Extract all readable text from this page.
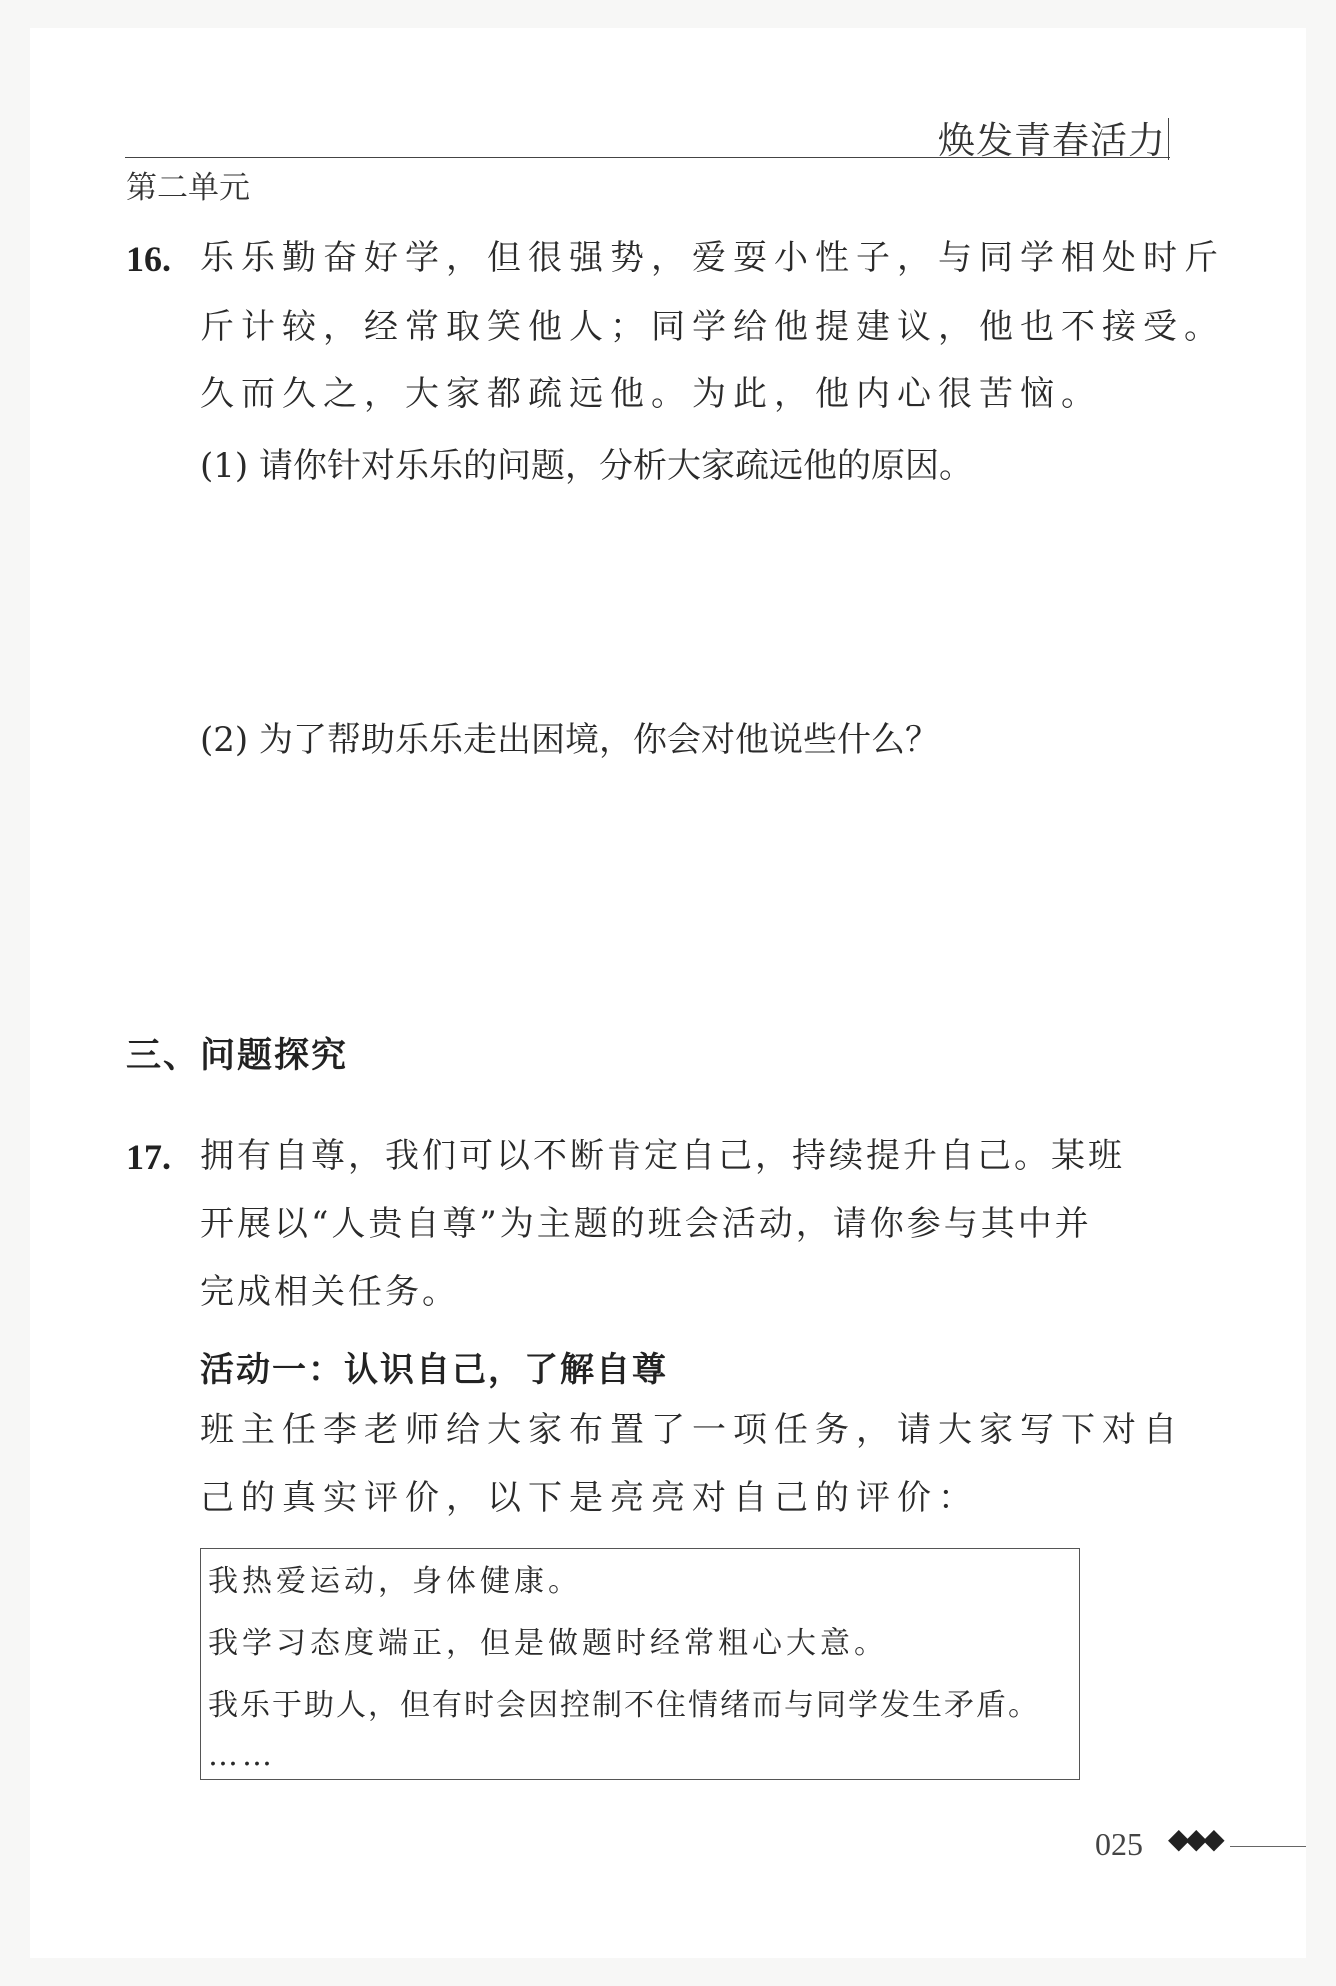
焕发青春活力
第二单元
16. 乐乐勤奋好学，但很强势，爱耍小性子，与同学相处时斤
斤计较，经常取笑他人；同学给他提建议，他也不接受。
久而久之，大家都疏远他。为此，他内心很苦恼。
(1) 请你针对乐乐的问题，分析大家疏远他的原因。
(2) 为了帮助乐乐走出困境，你会对他说些什么？
三、问题探究
17. 拥有自尊，我们可以不断肯定自己，持续提升自己。某班
开展以“人贵自尊”为主题的班会活动，请你参与其中并
完成相关任务。
活动一：认识自己，了解自尊
班主任李老师给大家布置了一项任务，请大家写下对自
己的真实评价，以下是亮亮对自己的评价：
我热爱运动，身体健康。
我学习态度端正，但是做题时经常粗心大意。
我乐于助人，但有时会因控制不住情绪而与同学发生矛盾。
……
025 ◆◆◆
